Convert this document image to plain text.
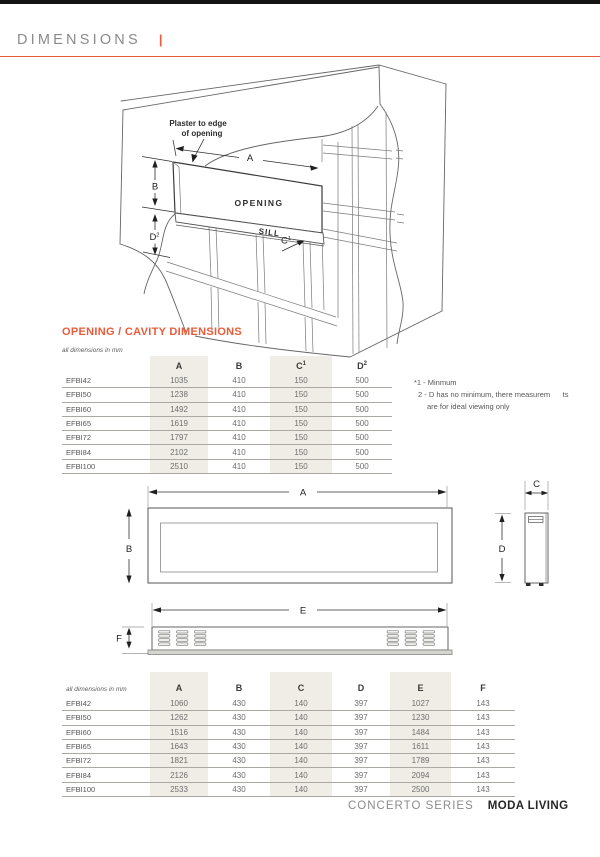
DIMENSIONS |
Plaster to edge
of opening
A
B
$D^2$	$C^1$
OPENING
SILL
OPENING / CAVITY DIMENSIONS
all dimensions in mm
*1 - Minmum
2 - D has no minimum, there measurem      ts
are for ideal viewing only
	A	B	$C^1$	$D^2$
EFBI42	1035	410	150	500
EFBI50	1238	410	150	500
EFBI60	1492	410	150	500
EFBI65	1619	410	150	500
EFBI72	1797	410	150	500
EFBI84	2102	410	150	500
EFBI100	2510	410	150	500
A
B
C
D
E
F
all dimensions in mm	A	B	C	D	E	F
EFBI42	1060	430	140	397	1027	143
EFBI50	1262	430	140	397	1230	143
EFBI60	1516	430	140	397	1484	143
EFBI65	1643	430	140	397	1611	143
EFBI72	1821	430	140	397	1789	143
EFBI84	2126	430	140	397	2094	143
EFBI100	2533	430	140	397	2500	143
CONCERTO SERIES MODA LIVING
